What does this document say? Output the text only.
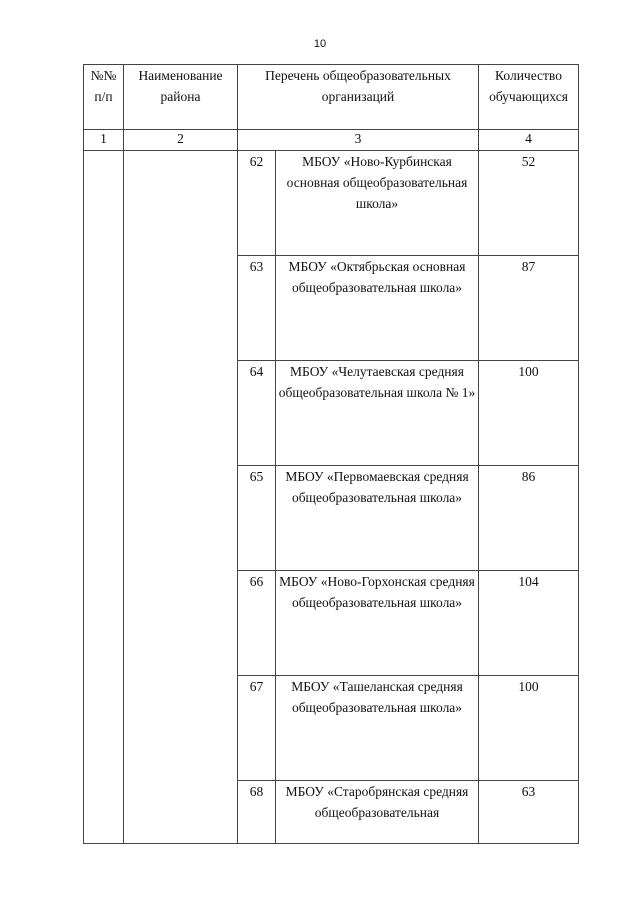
10
№№ п/п	Наименование района	Перечень общеобразовательных организаций		Количество обучающихся
1	2	3		4
		62	МБОУ «Ново-Курбинская основная общеобразовательная школа»	52
		63	МБОУ «Октябрьская основная общеобразовательная школа»	87
		64	МБОУ «Челутаевская средняя общеобразовательная школа № 1»	100
		65	МБОУ «Первомаевская средняя общеобразовательная школа»	86
		66	МБОУ «Ново-Горхонская средняя общеобразовательная школа»	104
		67	МБОУ «Ташеланская средняя общеобразовательная школа»	100
		68	МБОУ «Старобрянская средняя общеобразовательная	63
